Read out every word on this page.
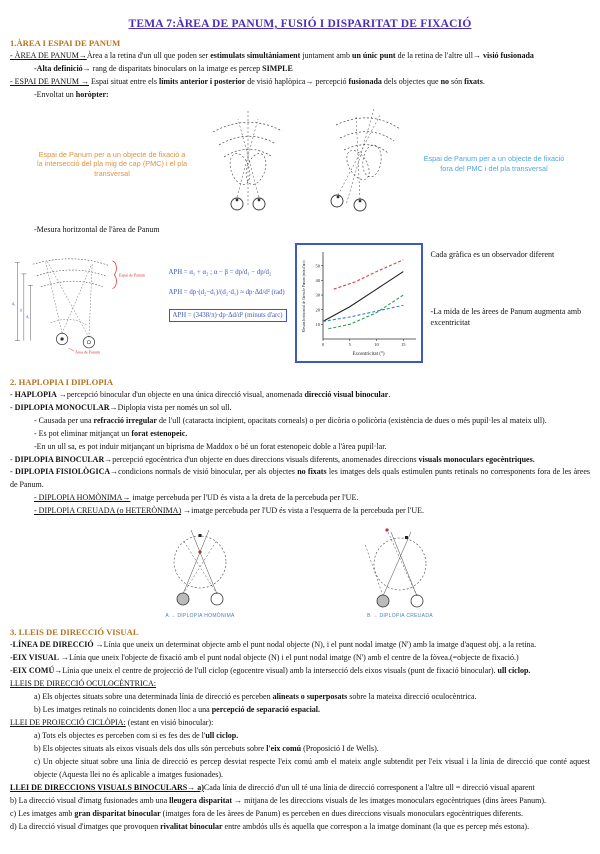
TEMA 7:ÀREA DE PANUM, FUSIÓ I DISPARITAT DE FIXACIÓ
1.ÀREA I ESPAI DE PANUM
- ÀREA DE PANUM→Àrea a la retina d'un ull que poden ser estimulats simultàniament juntament amb un únic punt de la retina de l'altre ull→ visió fusionada
-Alta definició→ rang de disparitats binoculars on la imatge es percep SIMPLE
- ESPAI DE PANUM → Espai situat entre els límits anterior i posterior de visió haplòpica→ percepció fusionada dels objectes que no són fixats.
-Envoltat un horòpter:
Espai de Panum per a un objecte de fixació a la intersecció del pla mig de cap (PMC) i el pla transversal
Espai de Panum per a un objecte de fixació fora del PMC i del pla transversal
-Mesura horitzontal de l'àrea de Panum
d₂
d
d₁
Espai de Panum
Àrea de Panum
APH = α₁ + α₂ ; α − β = dp/d₁ − dp/d₂
APH = dp·(d₂−d₁)/(d₂·d₁) ≈ dp·Δd/d² (rad)
APH = (3438/π)·dp·Δd/d² (minuts d'arc)
10
20
30
40
50
0	5	10	15
Excentricitat (°)
Mesura horitzontal de l'àrea de Panum (min d'arc)
Cada gràfica es un observador diferent
-La mida de les àrees de Panum augmenta amb excentricitat
2. HAPLOPIA I DIPLOPIA
- HAPLOPIA →percepció binocular d'un objecte en una única direcció visual, anomenada direcció visual binocular.
- DIPLOPIA MONOCULAR→Diplopia vista per només un sol ull.
- Causada per una refracció irregular de l'ull (cataracta incipient, opacitats corneals) o per dicòria o policòria (existència de dues o més pupil·les al mateix ull).
- Es pot eliminar mitjançat un forat estenopeic.
-En un ull sa, es pot induir mitjançant un biprisma de Maddox o bé un forat estenopeic doble a l'àrea pupil·lar.
- DIPLOPIA BINOCULAR→percepció egocèntrica d'un objecte en dues direccions visuals diferents, anomenades direccions visuals monoculars egocèntriques.
- DIPLOPIA FISIOLÒGICA→condicions normals de visió binocular, per als objectes no fixats les imatges dels quals estimulen punts retinals no corresponents fora de les àrees de Panum.
- DIPLOPIA HOMÒNIMA→ imatge percebuda per l'UD és vista a la dreta de la percebuda per l'UE.
- DIPLOPIA CREUADA (o HETERÒNIMA) →imatge percebuda per l'UD és vista a l'esquerra de la percebuda per l'UE.
A → DIPLOPIA HOMÒNIMA	B → DIPLOPIA CREUADA
3. LLEIS DE DIRECCIÓ VISUAL
-LÍNEA DE DIRECCIÓ →Línia que uneix un determinat objecte amb el punt nodal objecte (N), i el punt nodal imatge (N') amb la imatge d'aquest obj. a la retina.
-EIX VISUAL →Línia que uneix l'objecte de fixació amb el punt nodal objecte (N) i el punt nodal imatge (N') amb el centre de la fòvea.(=objecte de fixació.)
-EIX COMÚ→Línia que uneix el centre de projecció de l'ull ciclop (egocentre visual) amb la intersecció dels eixos visuals (punt de fixació binocular). ull ciclop.
LLEIS DE DIRECCIÓ OCULOCÈNTRICA:
a) Els objectes situats sobre una determinada línia de direcció es perceben alineats o superposats sobre la mateixa direcció oculocèntrica.
b) Les imatges retinals no coincidents donen lloc a una percepció de separació espacial.
LLEI DE PROJECCIÓ CICLÒPIA: (estant en visió binocular):
a) Tots els objectes es perceben com si es fes des de l'ull ciclop.
b) Els objectes situats als eixos visuals dels dos ulls són percebuts sobre l'eix comú (Proposició I de Wells).
c) Un objecte situat sobre una línia de direcció es percep desviat respecte l'eix comú amb el mateix angle subtendit per l'eix visual i la línia de direcció que conté aquest objecte (Aquesta llei no és aplicable a imatges fusionades).
LLEI DE DIRECCIONS VISUALS BINOCULARS→ a)Cada línia de direcció d'un ull té una línia de direcció corresponent a l'altre ull = direcció visual aparent
b) La direcció visual d'imatg fusionades amb una lleugera disparitat → mitjana de les direccions visuals de les imatges monoculars egocèntriques (dins àrees Panum).
c) Les imatges amb gran disparitat binocular (imatges fora de les àrees de Panum) es perceben en dues direccions visuals monoculars egocèntriques diferents.
d) La direcció visual d'imatges que provoquen rivalitat binocular entre ambdós ulls és aquella que correspon a la imatge dominant (la que es percep més estona).
